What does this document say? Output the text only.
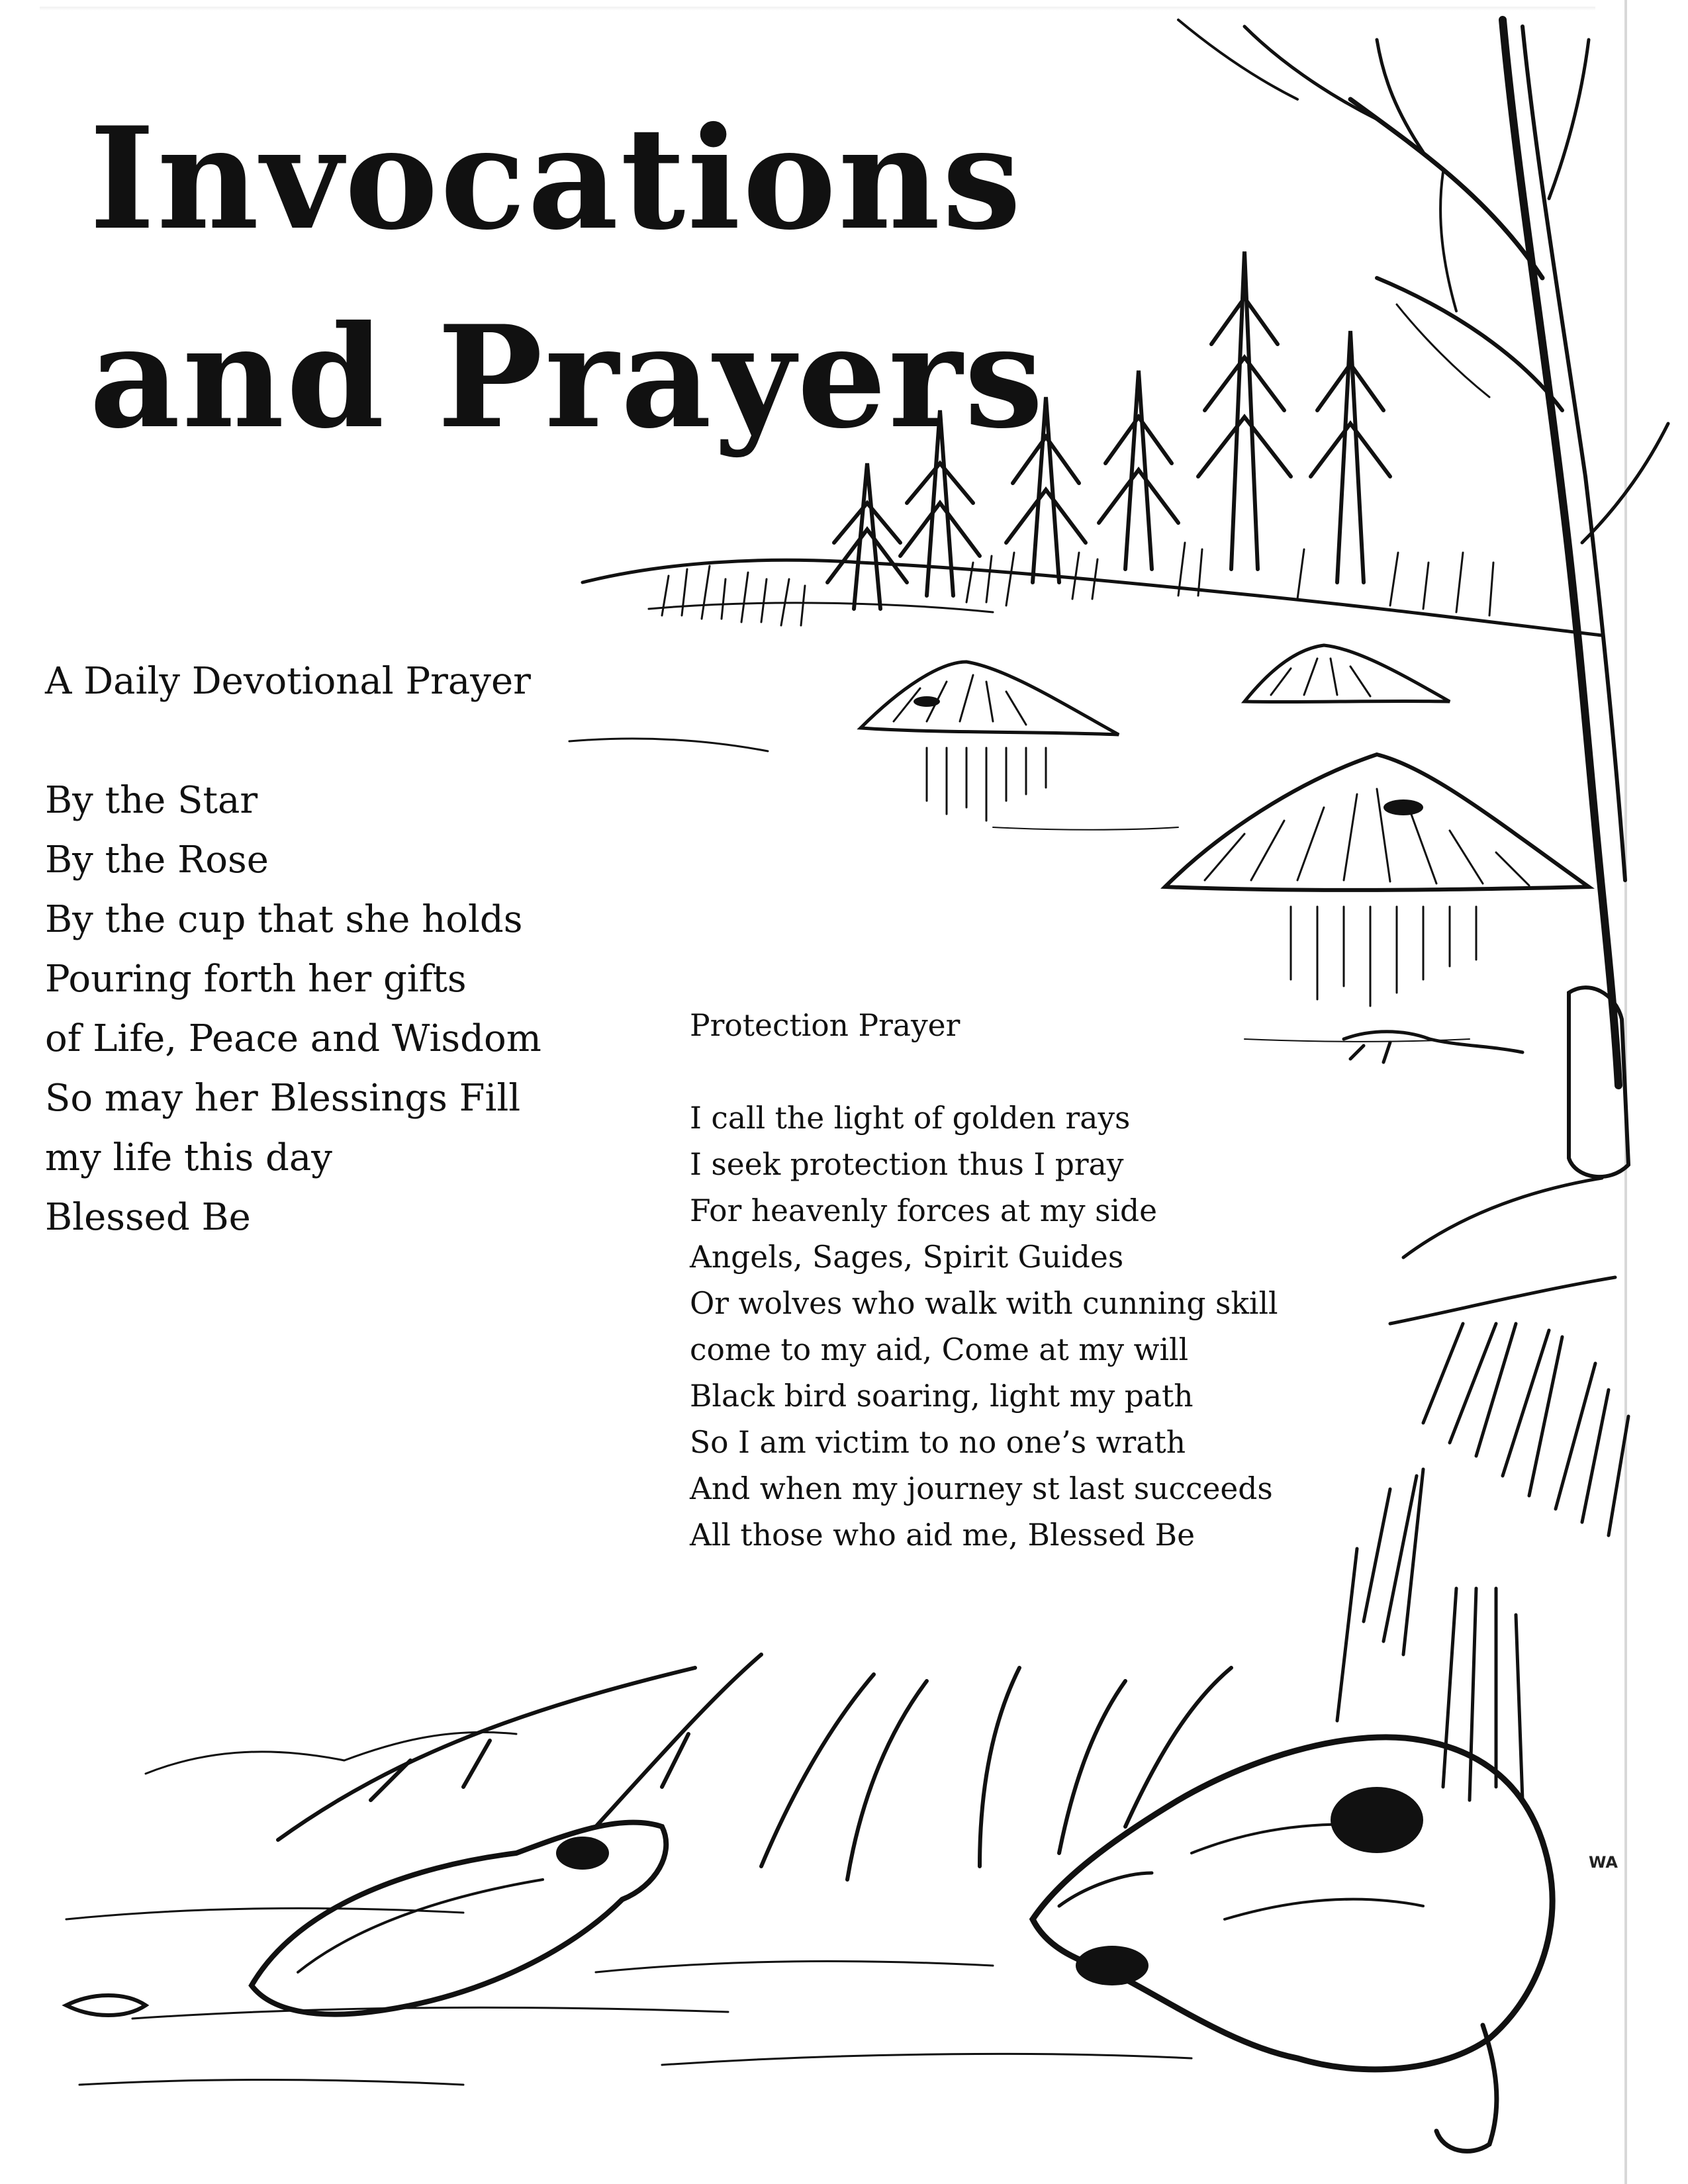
Invocations
and Prayers
A Daily Devotional Prayer
By the Star
By the Rose
By the cup that she holds
Pouring forth her gifts
of Life, Peace and Wisdom
So may her Blessings Fill
my life this day
Blessed Be
Protection Prayer
I call the light of golden rays
I seek protection thus I pray
For heavenly forces at my side
Angels, Sages, Spirit Guides
Or wolves who walk with cunning skill
come to my aid, Come at my will
Black bird soaring, light my path
So I am victim to no one’s wrath
And when my journey st last succeeds
All those who aid me, Blessed Be
WA
